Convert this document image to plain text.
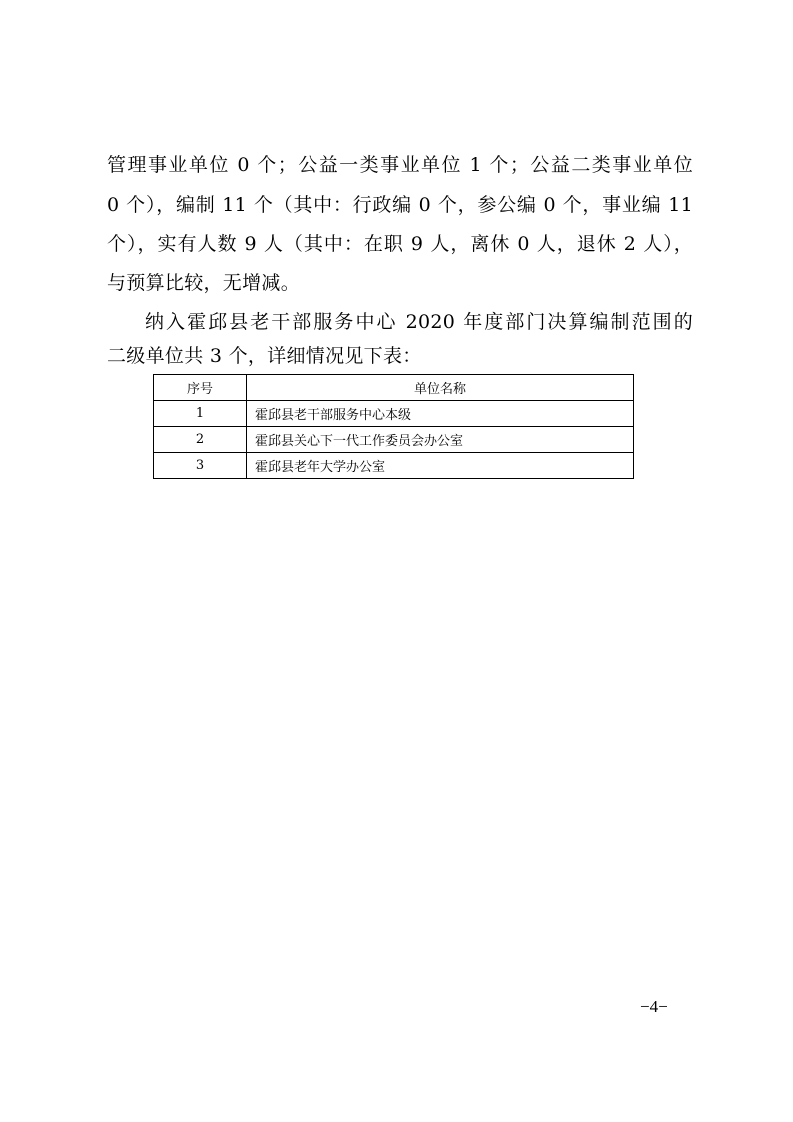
管理事业单位 0 个；公益一类事业单位 1 个；公益二类事业单位
0 个），编制 11 个（其中：行政编 0 个，参公编 0 个，事业编 11
个），实有人数 9 人（其中：在职 9 人，离休 0 人，退休 2 人），
与预算比较，无增减。
纳入霍邱县老干部服务中心 2020 年度部门决算编制范围的
二级单位共 3 个，详细情况见下表：
序号	单位名称
1	霍邱县老干部服务中心本级
2	霍邱县关心下一代工作委员会办公室
3	霍邱县老年大学办公室
−4−
